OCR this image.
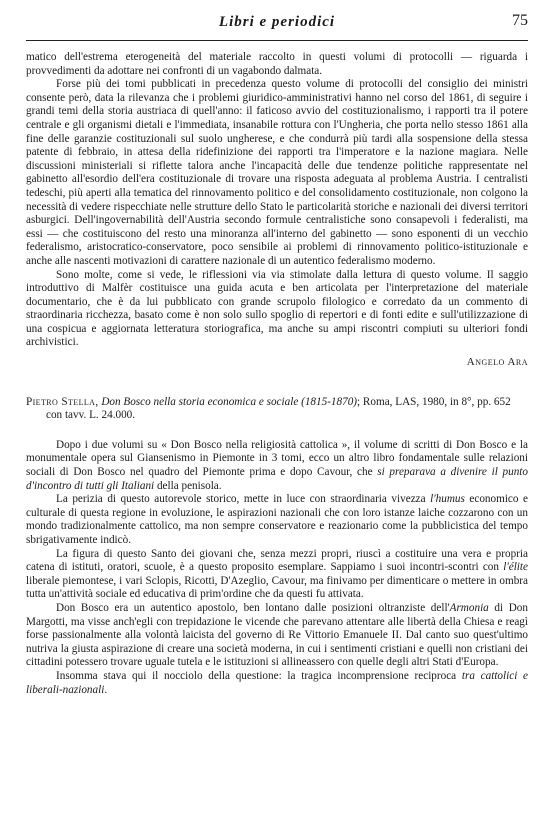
Libri e periodici	75

matico dell'estrema eterogeneità del materiale raccolto in questi volumi di protocolli — riguarda i provvedimenti da adottare nei confronti di un vagabondo dalmata.

Forse più dei tomi pubblicati in precedenza questo volume di protocolli del consiglio dei ministri consente però, data la rilevanza che i problemi giuridico-amministrativi hanno nel corso del 1861, di seguire i grandi temi della storia austriaca di quell'anno: il faticoso avvio del costituzionalismo, i rapporti tra il potere centrale e gli organismi dietali e l'immediata, insanabile rottura con l'Ungheria, che porta nello stesso 1861 alla fine delle garanzie costituzionali sul suolo ungherese, e che condurrà più tardi alla sospensione della stessa patente di febbraio, in attesa della ridefinizione dei rapporti tra l'imperatore e la nazione magiara. Nelle discussioni ministeriali si riflette talora anche l'incapacità delle due tendenze politiche rappresentate nel gabinetto all'esordio dell'era costituzionale di trovare una risposta adeguata al problema Austria. I centralisti tedeschi, più aperti alla tematica del rinnovamento politico e del consolidamento costituzionale, non colgono la necessità di vedere rispecchiate nelle strutture dello Stato le particolarità storiche e nazionali dei diversi territori asburgici. Dell'ingovernabilità dell'Austria secondo formule centralistiche sono consapevoli i federalisti, ma essi — che costituiscono del resto una minoranza all'interno del gabinetto — sono esponenti di un vecchio federalismo, aristocratico-conservatore, poco sensibile ai problemi di rinnovamento politico-istituzionale e anche alle nascenti motivazioni di carattere nazionale di un autentico federalismo moderno.

Sono molte, come si vede, le riflessioni via via stimolate dalla lettura di questo volume. Il saggio introduttivo di Malfèr costituisce una guida acuta e ben articolata per l'interpretazione del materiale documentario, che è da lui pubblicato con grande scrupolo filologico e corredato da un commento di straordinaria ricchezza, basato come è non solo sullo spoglio di repertori e di fonti edite e sull'utilizzazione di una cospicua e aggiornata letteratura storiografica, ma anche su ampi riscontri compiuti su ulteriori fondi archivistici.

Angelo Ara
Pietro Stella, Don Bosco nella storia economica e sociale (1815-1870); Roma, LAS, 1980, in 8°, pp. 652 con tavv. L. 24.000.

Dopo i due volumi su « Don Bosco nella religiosità cattolica », il volume di scritti di Don Bosco e la monumentale opera sul Giansenismo in Piemonte in 3 tomi, ecco un altro libro fondamentale sulle relazioni sociali di Don Bosco nel quadro del Piemonte prima e dopo Cavour, che si preparava a divenire il punto d'incontro di tutti gli Italiani della penisola.

La perizia di questo autorevole storico, mette in luce con straordinaria vivezza l'humus economico e culturale di questa regione in evoluzione, le aspirazioni nazionali che con loro istanze laiche cozzarono con un mondo tradizionalmente cattolico, ma non sempre conservatore e reazionario come la pubblicistica del tempo sbrigativamente indicò.

La figura di questo Santo dei giovani che, senza mezzi propri, riuscì a costituire una vera e propria catena di istituti, oratori, scuole, è a questo proposito esemplare. Sappiamo i suoi incontri-scontri con l'élite liberale piemontese, i vari Sclopis, Ricotti, D'Azeglio, Cavour, ma finivamo per dimenticare o mettere in ombra tutta un'attività sociale ed educativa di prim'ordine che da questi fu attivata.

Don Bosco era un autentico apostolo, ben lontano dalle posizioni oltranziste dell'Armonia di Don Margotti, ma visse anch'egli con trepidazione le vicende che parevano attentare alle libertà della Chiesa e reagì forse passionalmente alla volontà laicista del governo di Re Vittorio Emanuele II. Dal canto suo quest'ultimo nutriva la giusta aspirazione di creare una società moderna, in cui i sentimenti cristiani e quelli non cristiani dei cittadini potessero trovare uguale tutela e le istituzioni si allineassero con quelle degli altri Stati d'Europa.

Insomma stava qui il nocciolo della questione: la tragica incomprensione reciproca tra cattolici e liberali-nazionali.
